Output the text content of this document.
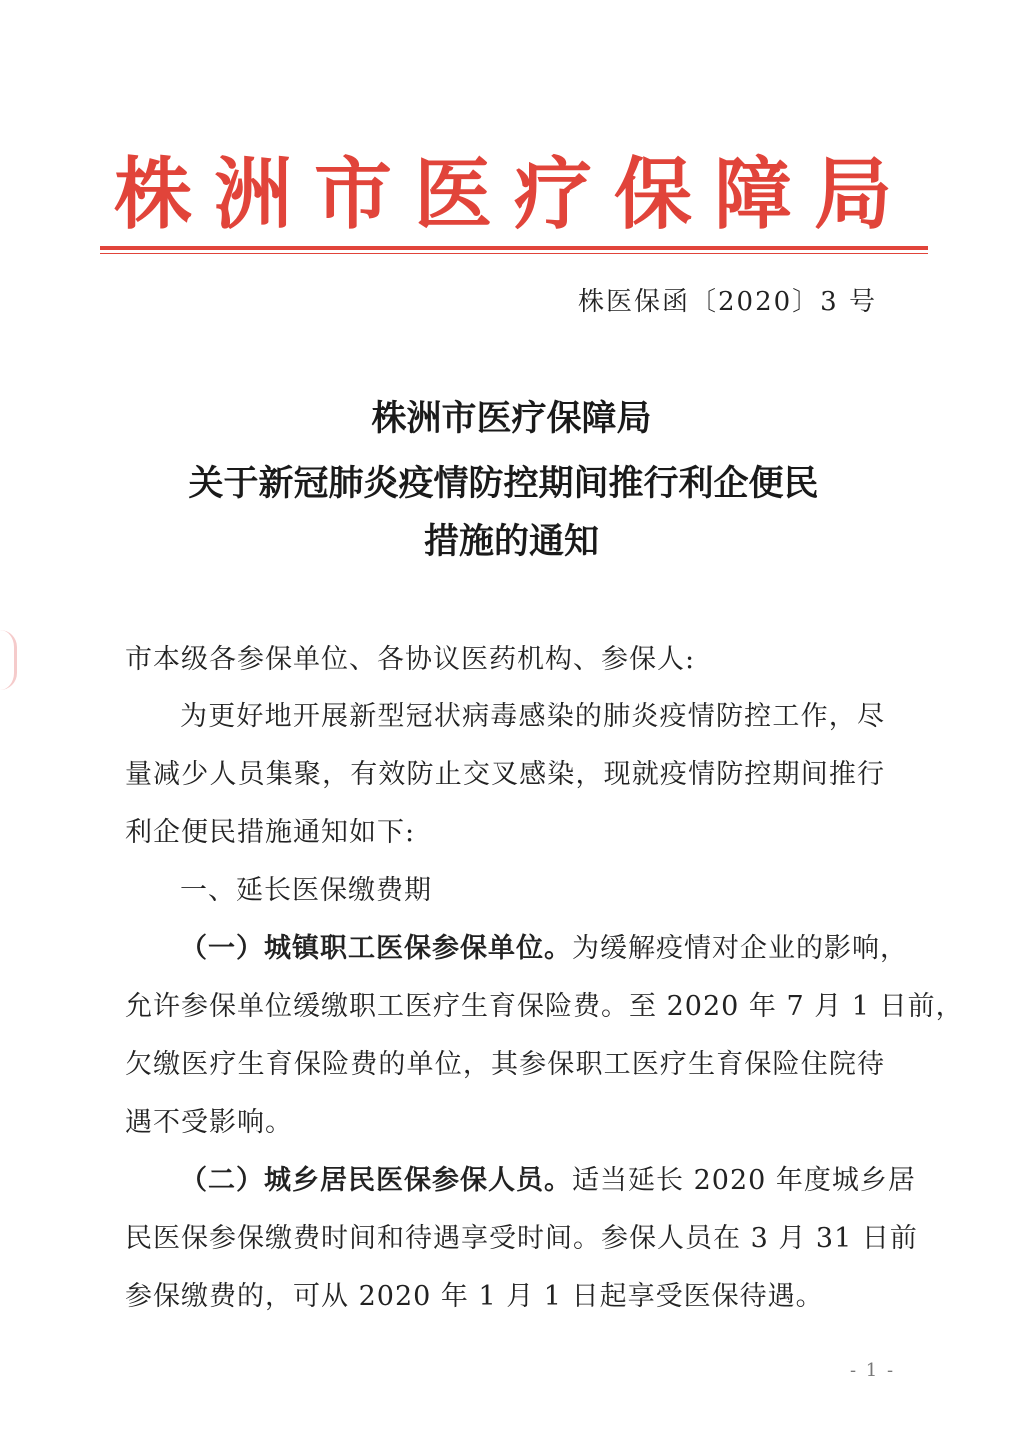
株洲市医疗保障局
株医保函〔2020〕3 号
株洲市医疗保障局
关于新冠肺炎疫情防控期间推行利企便民
措施的通知
市本级各参保单位、各协议医药机构、参保人:
为更好地开展新型冠状病毒感染的肺炎疫情防控工作，尽
量减少人员集聚，有效防止交叉感染，现就疫情防控期间推行
利企便民措施通知如下:
一、延长医保缴费期
（一）城镇职工医保参保单位。为缓解疫情对企业的影响，
允许参保单位缓缴职工医疗生育保险费。至 2020 年 7 月 1 日前，
欠缴医疗生育保险费的单位，其参保职工医疗生育保险住院待
遇不受影响。
（二）城乡居民医保参保人员。适当延长 2020 年度城乡居
民医保参保缴费时间和待遇享受时间。参保人员在 3 月 31 日前
参保缴费的，可从 2020 年 1 月 1 日起享受医保待遇。
- 1 -
